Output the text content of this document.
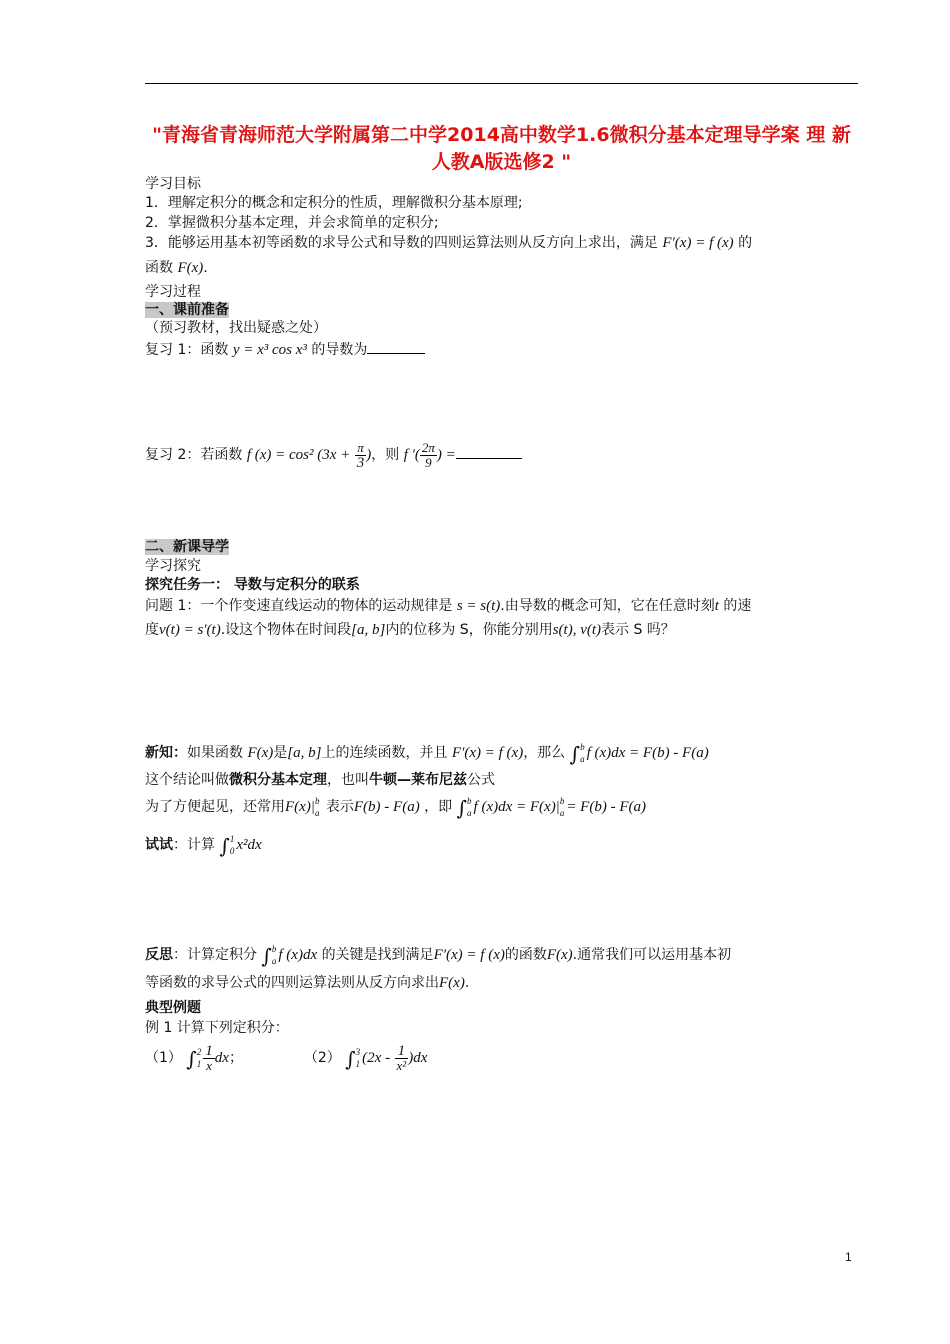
"青海省青海师范大学附属第二中学2014高中数学1.6微积分基本定理导学案 理 新人教A版选修2 "
学习目标
1．理解定积分的概念和定积分的性质，理解微积分基本原理;
2．掌握微积分基本定理，并会求简单的定积分;
3．能够运用基本初等函数的求导公式和导数的四则运算法则从反方向上求出，满足 F′(x) = f (x) 的
函数 F(x).
学习过程
一、课前准备
（预习教材，找出疑惑之处）
复习 1：函数 y = x³ cos x³ 的导数为
复习 2：若函数 f (x) = cos² ($3x + \frac{\pi}{3}$ )，则 f ′( $\frac{2\pi}{9}$ ) =
二、新课导学
学习探究
探究任务一： 导数与定积分的联系
问题 1：一个作变速直线运动的物体的运动规律是 s = s(t).由导数的概念可知，它在任意时刻t 的速
度v(t) = s′(t).设这个物体在时间段[a, b]内的位移为 S，你能分别用s(t), v(t)表示 S 吗？
新知：如果函数 F(x)是[a, b]上的连续函数，并且 F′(x) = f (x)，那么 ∫ b
a f (x)dx = F(b) - F(a)
这个结论叫做微积分基本定理，也叫牛顿—莱布尼兹公式
为了方便起见，还常用F(x)| b
a 表示F(b) - F(a) ，即 ∫ b
a f (x)dx = F(x)| b
a = F(b) - F(a)
试试：计算 ∫ 1
0 x²dx
反思：计算定积分 ∫ b
a f (x)dx 的关键是找到满足F′(x) = f (x)的函数F(x).通常我们可以运用基本初
等函数的求导公式的四则运算法则从反方向求出F(x).
典型例题
例 1 计算下列定积分：
（1） ∫ 2
$1 \frac{1}{x}$ dx；	（2） ∫ 3
1 $(2x - \frac{1}{\text{x²}} )dx$
1
